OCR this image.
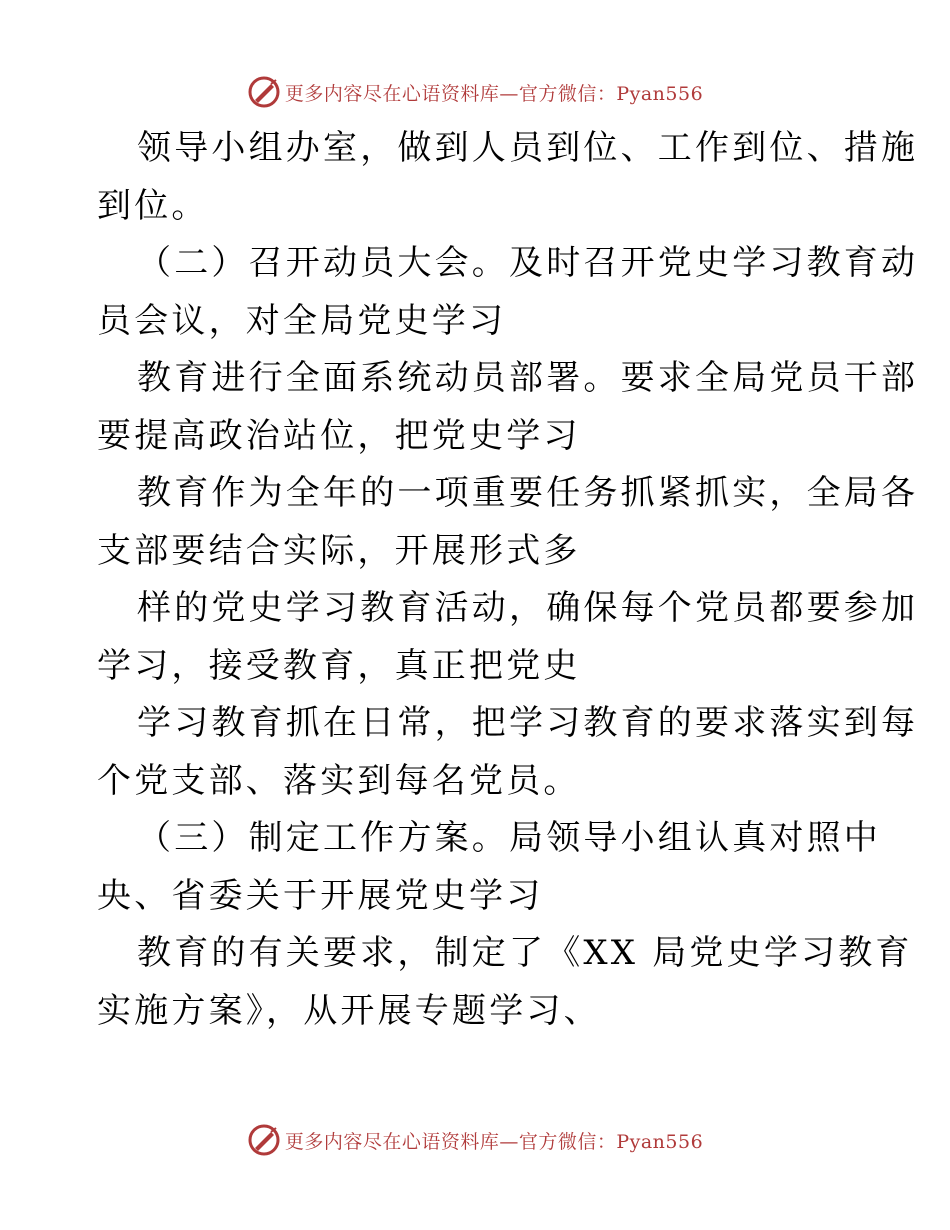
更多内容尽在心语资料库—官方微信：Pyan556

领导小组办室，做到人员到位、工作到位、措施

到位。

（二）召开动员大会。及时召开党史学习教育动

员会议，对全局党史学习

教育进行全面系统动员部署。要求全局党员干部

要提高政治站位，把党史学习

教育作为全年的一项重要任务抓紧抓实，全局各

支部要结合实际，开展形式多

样的党史学习教育活动，确保每个党员都要参加

学习，接受教育，真正把党史

学习教育抓在日常，把学习教育的要求落实到每

个党支部、落实到每名党员。

（三）制定工作方案。局领导小组认真对照中

央、省委关于开展党史学习

教育的有关要求，制定了《XX 局党史学习教育

实施方案》，从开展专题学习、

更多内容尽在心语资料库—官方微信：Pyan556
